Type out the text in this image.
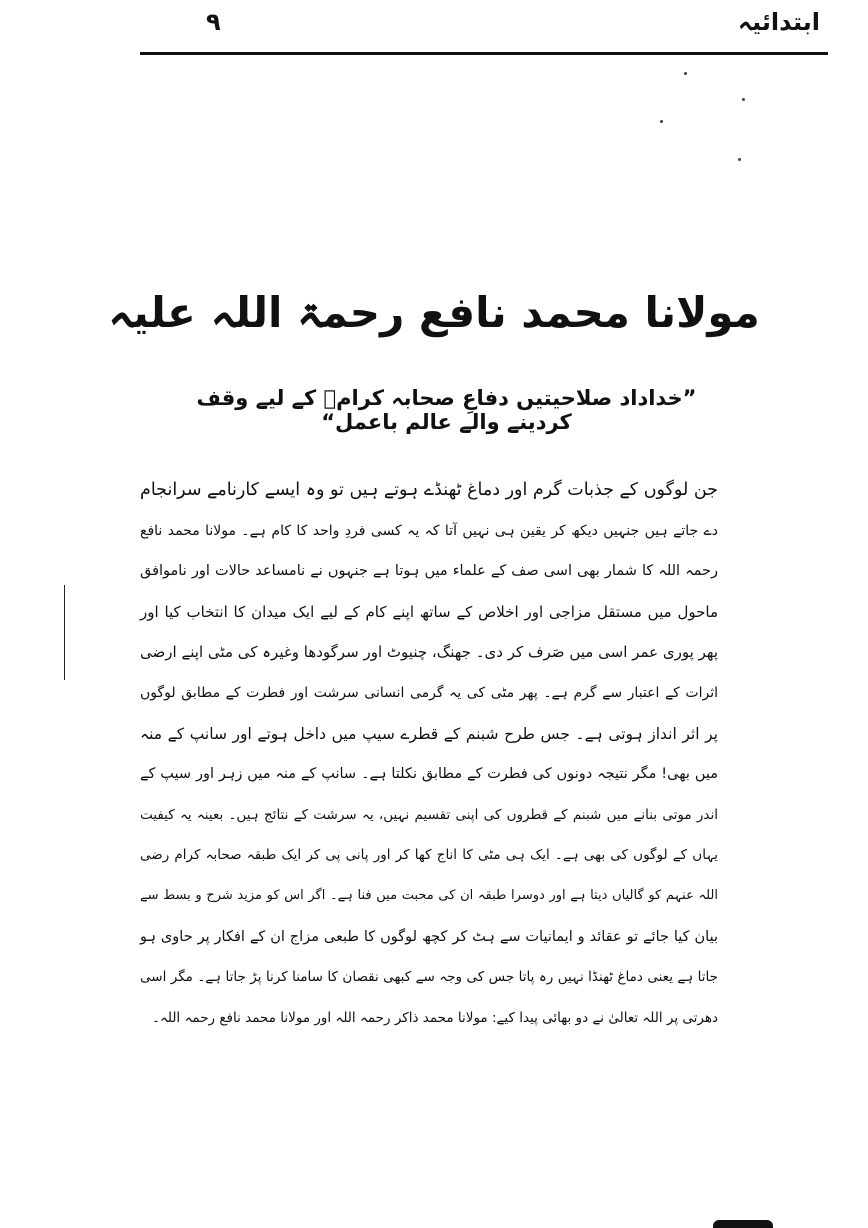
ابتدائیہ
۹
مولانا محمد نافع رحمۃ اللہ علیہ
”خداداد صلاحیتیں دفاعِ صحابہ کرامؓ کے لیے وقف کردینے والے عالم باعمل“
جن لوگوں کے جذبات گرم اور دماغ ٹھنڈے ہوتے ہیں تو وہ ایسے کارنامے سرانجام
دے جاتے ہیں جنہیں دیکھ کر یقین ہی نہیں آتا کہ یہ کسی فردِ واحد کا کام ہے۔ مولانا محمد نافع
رحمہ اللہ کا شمار بھی اسی صف کے علماء میں ہوتا ہے جنہوں نے نامساعد حالات اور ناموافق
ماحول میں مستقل مزاجی اور اخلاص کے ساتھ اپنے کام کے لیے ایک میدان کا انتخاب کیا اور
پھر پوری عمر اسی میں صَرف کر دی۔ جھنگ، چنیوٹ اور سرگودھا وغیرہ کی مٹی اپنے ارضی
اثرات کے اعتبار سے گرم ہے۔ پھر مٹی کی یہ گرمی انسانی سرشت اور فطرت کے مطابق لوگوں
پر اثر انداز ہوتی ہے۔ جس طرح شبنم کے قطرے سیپ میں داخل ہوتے اور سانپ کے منہ
میں بھی! مگر نتیجہ دونوں کی فطرت کے مطابق نکلتا ہے۔ سانپ کے منہ میں زہر اور سیپ کے
اندر موتی بنانے میں شبنم کے قطروں کی اپنی تقسیم نہیں، یہ سرشت کے نتائج ہیں۔ بعینہ یہ کیفیت
یہاں کے لوگوں کی بھی ہے۔ ایک ہی مٹی کا اناج کھا کر اور پانی پی کر ایک طبقہ صحابہ کرام رضی
اللہ عنہم کو گالیاں دیتا ہے اور دوسرا طبقہ ان کی محبت میں فنا ہے۔ اگر اس کو مزید شرح و بسط سے
بیان کیا جائے تو عقائد و ایمانیات سے ہٹ کر کچھ لوگوں کا طبعی مزاج ان کے افکار پر حاوی ہو
جاتا ہے یعنی دماغ ٹھنڈا نہیں رہ پاتا جس کی وجہ سے کبھی نقصان کا سامنا کرنا پڑ جاتا ہے۔ مگر اسی
دھرتی پر اللہ تعالیٰ نے دو بھائی پیدا کیے: مولانا محمد ذاکر رحمہ اللہ اور مولانا محمد نافع رحمہ اللہ۔
